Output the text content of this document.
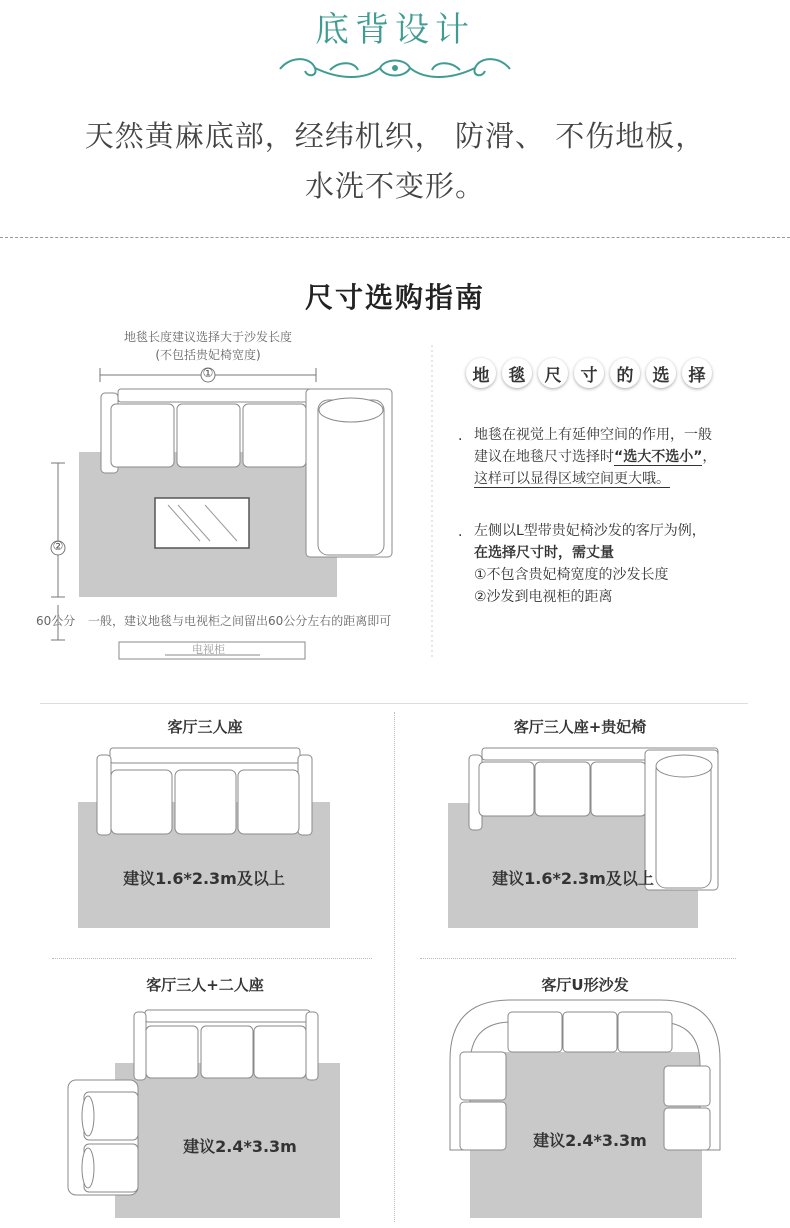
底背设计
天然黄麻底部，经纬机织， 防滑、 不伤地板，
水洗不变形。
尺寸选购指南
地毯长度建议选择大于沙发长度
(不包括贵妃椅宽度)
①
②
60公分 一般，建议地毯与电视柜之间留出60公分左右的距离即可
电视柜
地	毯	尺	寸	的	选	择
· 地毯在视觉上有延伸空间的作用，一般
建议在地毯尺寸选择时“选大不选小”，
这样可以显得区域空间更大哦。
· 左侧以L型带贵妃椅沙发的客厅为例，
在选择尺寸时，需丈量
①不包含贵妃椅宽度的沙发长度
②沙发到电视柜的距离
客厅三人座
建议1.6*2.3m及以上
客厅三人座+贵妃椅
建议1.6*2.3m及以上
客厅三人+二人座
建议2.4*3.3m
客厅U形沙发
建议2.4*3.3m
